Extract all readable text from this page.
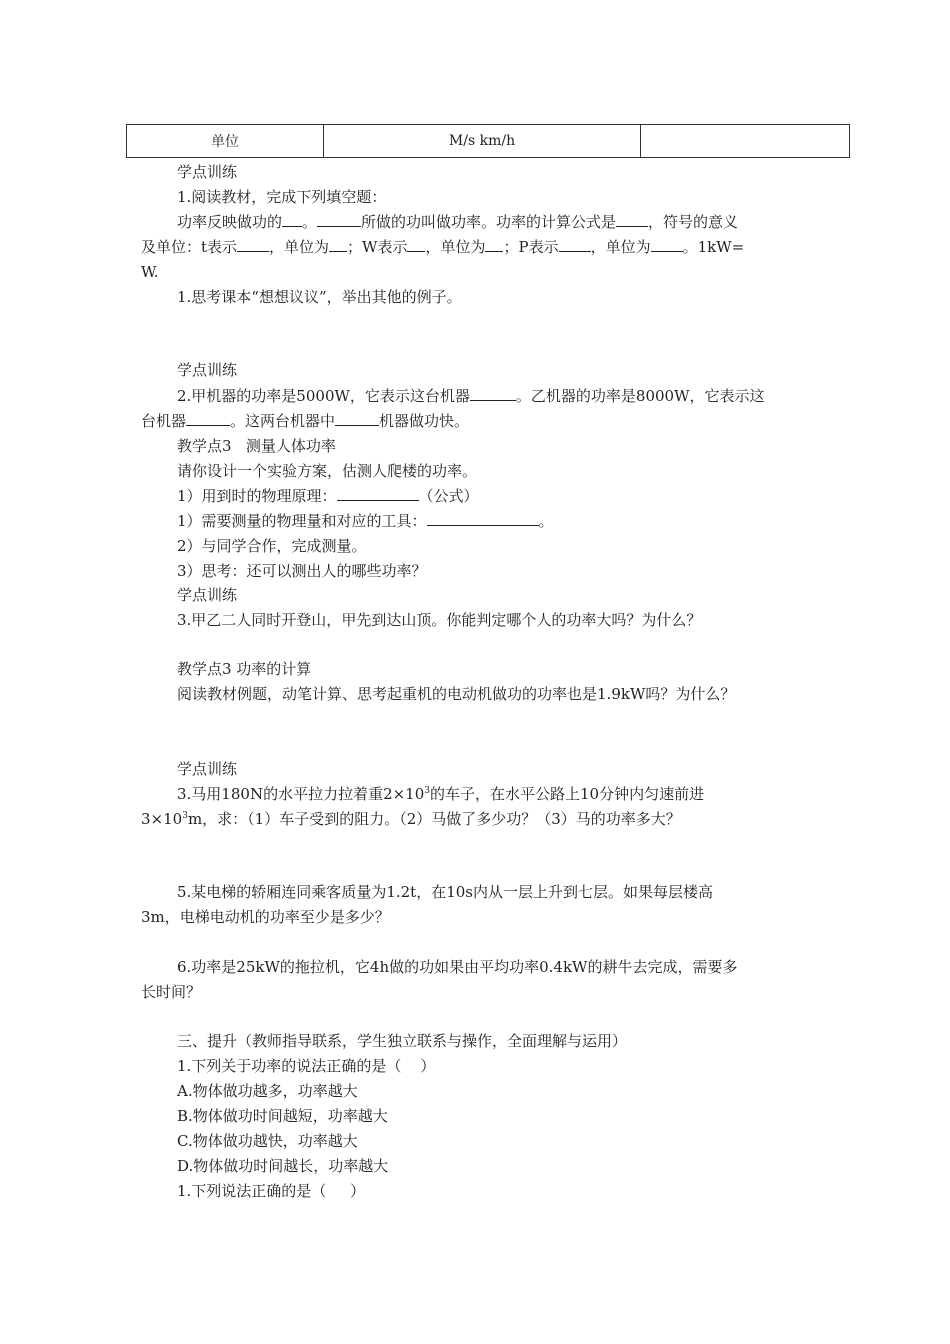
单位	M/s km/h	
学点训练
1.阅读教材，完成下列填空题：
功率反映做功的 。	所做的功叫做功率。功率的计算公式是 ，符号的意义
及单位：t表示 ，单位为 ；W表示 ，单位为 ；P表示 ，单位为 。1kW=
W.
1.思考课本“想想议议”，举出其他的例子。
学点训练
2.甲机器的功率是5000W，它表示这台机器	。乙机器的功率是8000W，它表示这
台机器	。这两台机器中	机器做功快。
教学点3   测量人体功率
请你设计一个实验方案，估测人爬楼的功率。
1）用到时的物理原理：	（公式）
1）需要测量的物理量和对应的工具：	。
2）与同学合作，完成测量。
3）思考：还可以测出人的哪些功率？
学点训练
3.甲乙二人同时开登山，甲先到达山顶。你能判定哪个人的功率大吗？为什么？
教学点3 功率的计算
阅读教材例题，动笔计算、思考起重机的电动机做功的功率也是1.9kW吗？为什么？
学点训练
3.马用180N的水平拉力拉着重$2\times 10^3$的车子，在水平公路上10分钟内匀速前进
$3\times 10^3m$，求：（1）车子受到的阻力。（2）马做了多少功？（3）马的功率多大？
5.某电梯的轿厢连同乘客质量为1.2t，在10s内从一层上升到七层。如果每层楼高
3m，电梯电动机的功率至少是多少？
6.功率是25kW的拖拉机，它4h做的功如果由平均功率0.4kW的耕牛去完成，需要多
长时间？
三、提升（教师指导联系，学生独立联系与操作，全面理解与运用）
1.下列关于功率的说法正确的是（    ）
A.物体做功越多，功率越大
B.物体做功时间越短，功率越大
C.物体做功越快，功率越大
D.物体做功时间越长，功率越大
1.下列说法正确的是（     ）
